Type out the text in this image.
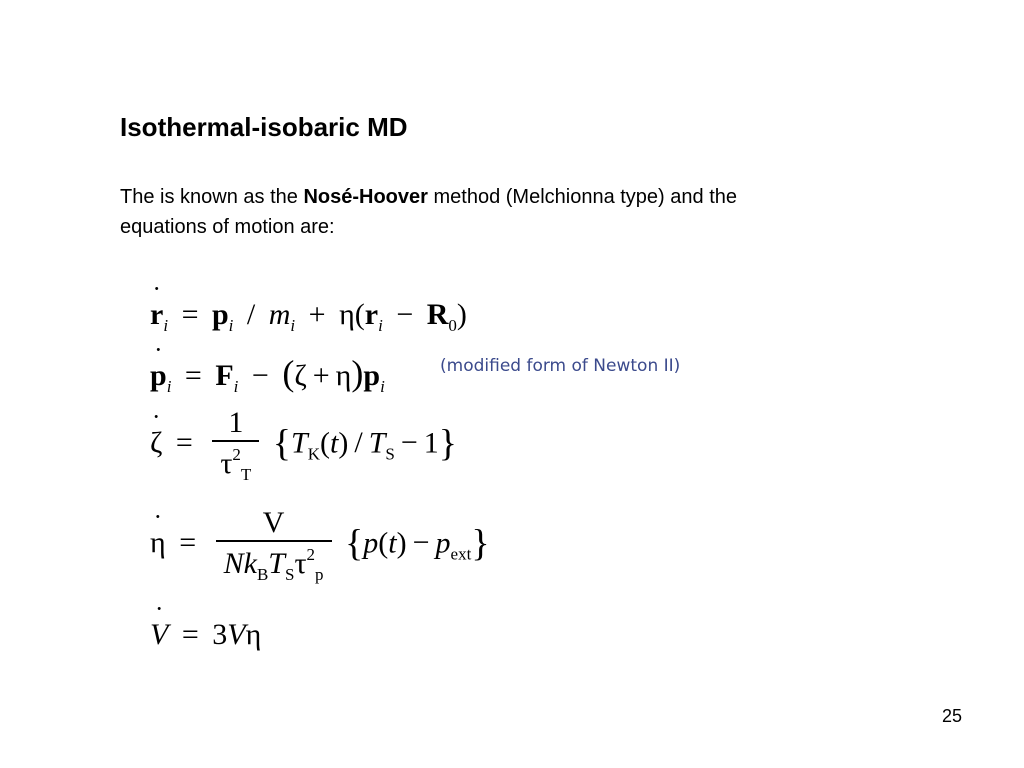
Isothermal-isobaric MD
The is known as the Nosé-Hoover method (Melchionna type) and the equations of motion are:
˙ $r_i = p_i / m_i + \eta(r_i - R_0)$
˙ $p_i = F_i - (\zeta + \eta)p_i$
(modified form of Newton II)
˙ $\zeta = \frac{1}{\tau^2_T} \{T_K(t) / T_S - 1\}$
˙ $\eta = \frac{V}{Nk_BT_S\tau^2_p} \{p(t) - p_{ext}\}$
˙ V = 3Vη
25
